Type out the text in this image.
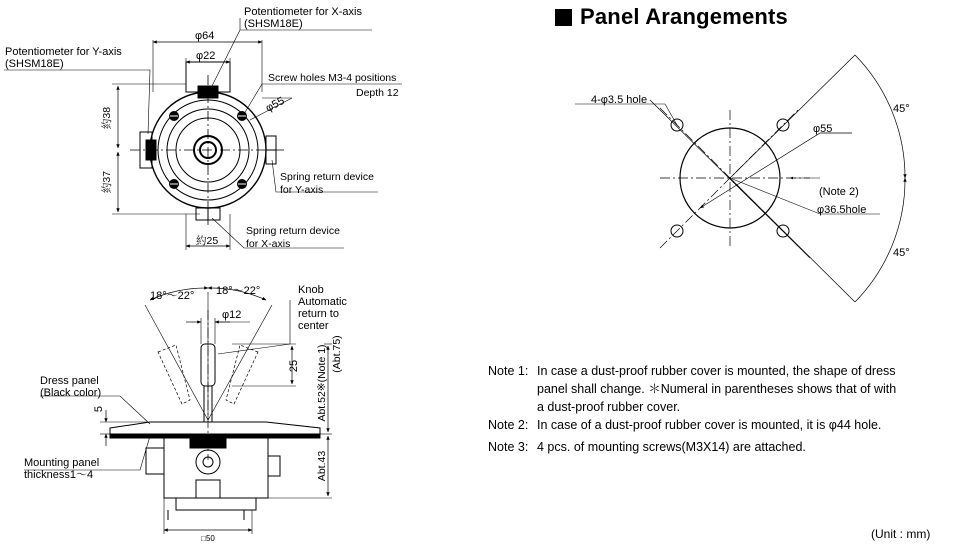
Potentiometer for X-axis
(SHSM18E)
Potentiometer for Y-axis
(SHSM18E)
φ64
φ22
Screw holes M3-4 positions
Depth 12
φ55
約38
約37	Spring return device
for Y-axis
Spring return device
for X-axis
約25
18°〜22° 18°〜22°	Knob
Automatic
return to
center
φ12
25 Abt.52※(Note 1) (Abt.75)
Dress panel
(Black color)
5
Mounting panel
thickness1〜4	Abt.43
□50
4-φ3.5 hole
φ55
45°
45°
(Note 2)
φ36.5hole
Panel Arangements
Note 1: In case a dust-proof rubber cover is mounted, the shape of dress
panel shall change. ＊Numeral in parentheses shows that of with
a dust-proof rubber cover.
Note 2: In case of a dust-proof rubber cover is mounted, it is φ44 hole.
Note 3: 4 pcs. of mounting screws(M3X14) are attached.
(Unit : mm)
